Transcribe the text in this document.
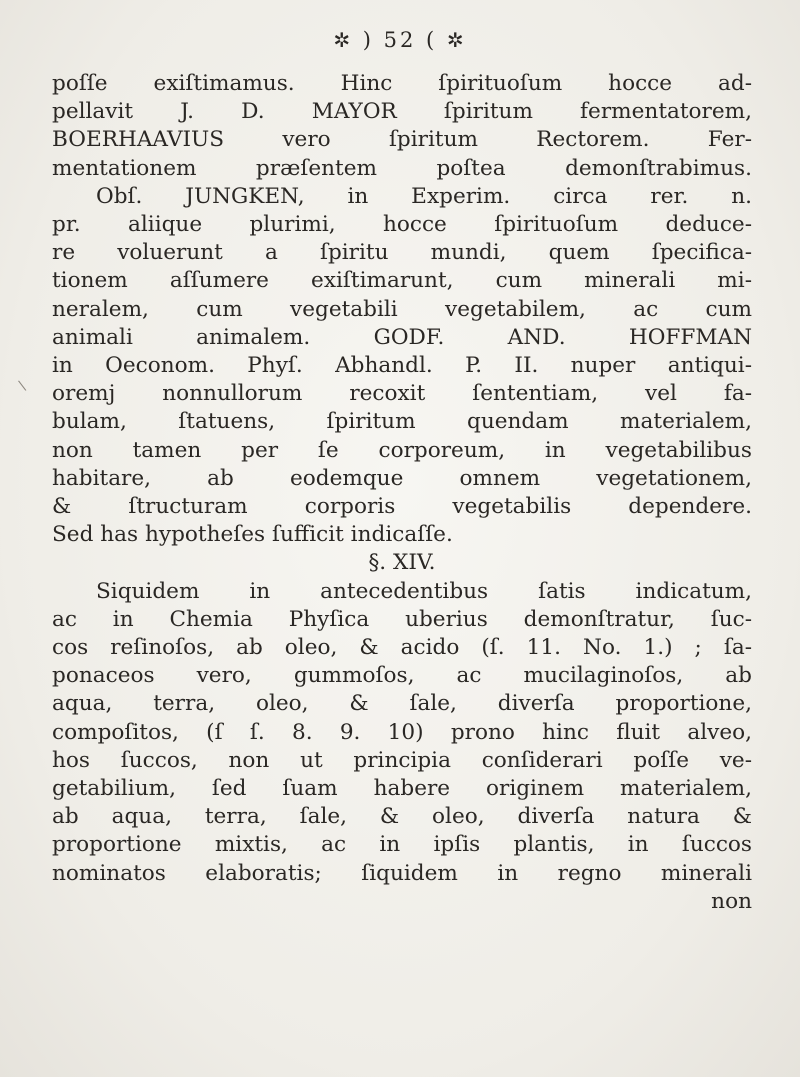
✲ ) 52 ( ✲
\
poſſe exiſtimamus. Hinc ſpirituoſum hocce ad-
pellavit J. D. MAYOR ſpiritum fermentatorem,
BOERHAAVIUS vero ſpiritum Rectorem. Fer-
mentationem præſentem poſtea demonſtrabimus.
Obſ. JUNGKEN, in Experim. circa rer. n.
pr. aliique plurimi, hocce ſpirituoſum deduce-
re voluerunt a ſpiritu mundi, quem ſpecifica-
tionem aſſumere exiſtimarunt, cum minerali mi-
neralem, cum vegetabili vegetabilem, ac cum
animali animalem. GODF. AND. HOFFMAN
in Oeconom. Phyſ. Abhandl. P. II. nuper antiqui-
oremj nonnullorum recoxit ſententiam, vel fa-
bulam, ſtatuens, ſpiritum quendam materialem,
non tamen per ſe corporeum, in vegetabilibus
habitare, ab eodemque omnem vegetationem,
& ſtructuram corporis vegetabilis dependere.
Sed has hypotheſes ſufficit indicaſſe.
§. XIV.
Siquidem in antecedentibus ſatis indicatum,
ac in Chemia Phyſica uberius demonſtratur, ſuc-
cos reſinoſos, ab oleo, & acido (ſ. 11. No. 1.) ; ſa-
ponaceos vero, gummoſos, ac mucilaginoſos, ab
aqua, terra, oleo, & ſale, diverſa proportione,
compoſitos, (ſ ſ. 8. 9. 10) prono hinc fluit alveo,
hos ſuccos, non ut principia conſiderari poſſe ve-
getabilium, ſed ſuam habere originem materialem,
ab aqua, terra, ſale, & oleo, diverſa natura &
proportione mixtis, ac in ipſis plantis, in ſuccos
nominatos elaboratis; ſiquidem in regno minerali
non
